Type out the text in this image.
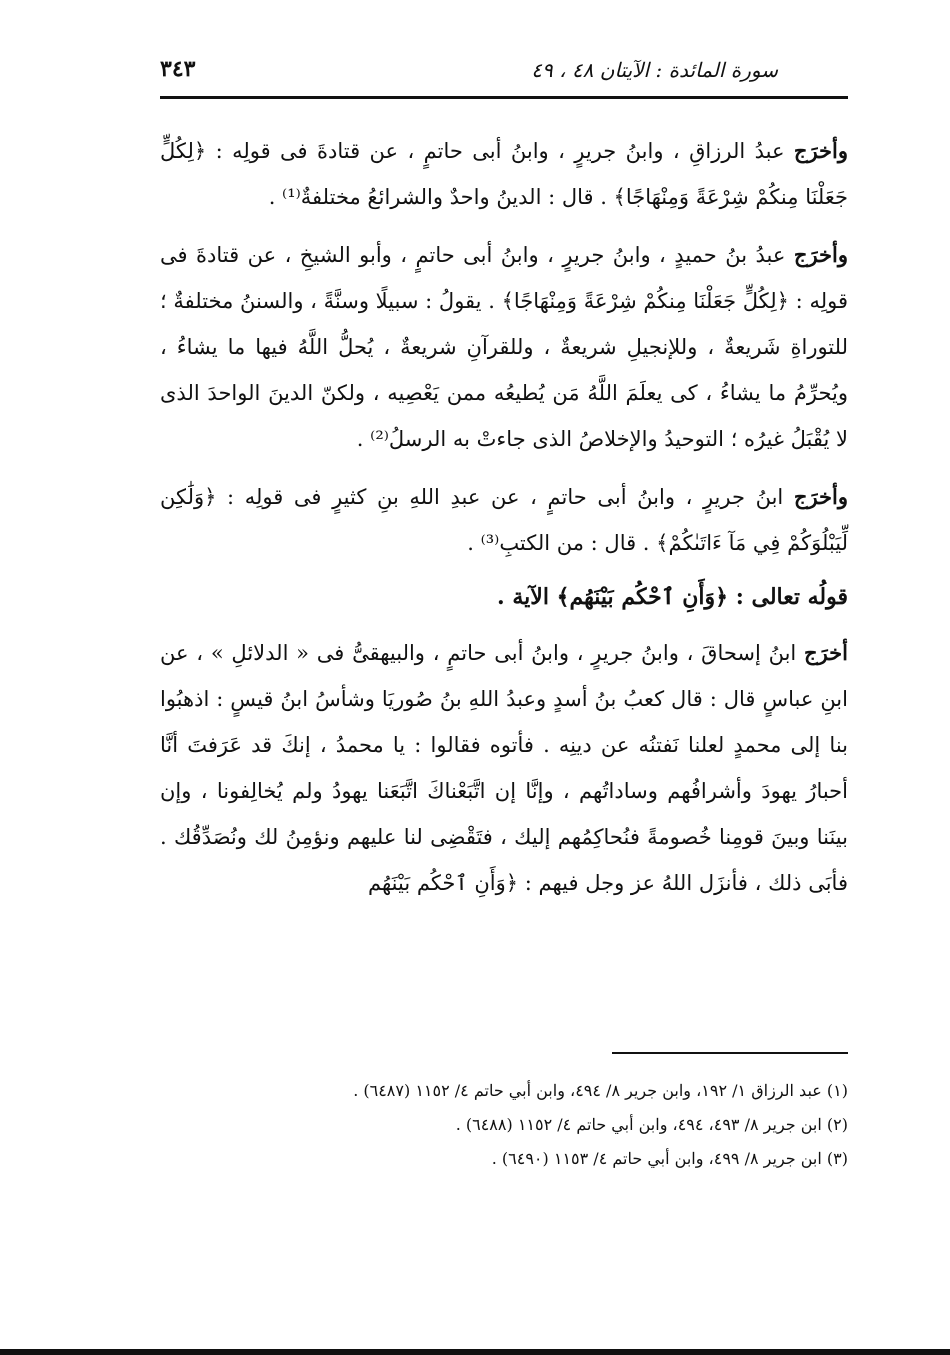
٣٤٣	سورة المائدة : الآيتان ٤٨ ، ٤٩

وأخرَج عبدُ الرزاقِ ، وابنُ جريرٍ ، وابنُ أبى حاتمٍ ، عن قتادةَ فى قولِه : ﴿لِكُلٍّ جَعَلْنَا مِنكُمْ شِرْعَةً وَمِنْهَاجًا﴾ . قال : الدينُ واحدٌ والشرائعُ مختلفةٌ⁽¹⁾ .

وأخرَج عبدُ بنُ حميدٍ ، وابنُ جريرٍ ، وابنُ أبى حاتمٍ ، وأبو الشيخِ ، عن قتادةَ فى قولِه : ﴿لِكُلٍّ جَعَلْنَا مِنكُمْ شِرْعَةً وَمِنْهَاجًا﴾ . يقولُ : سبيلًا وسنَّةً ، والسننُ مختلفةٌ ؛ للتوراةِ شَريعةٌ ، وللإنجيلِ شريعةٌ ، وللقرآنِ شريعةٌ ، يُحلُّ اللَّهُ فيها ما يشاءُ ، ويُحرِّمُ ما يشاءُ ، كى يعلَمَ اللَّهُ مَن يُطيعُه ممن يَعْصِيه ، ولكنّ الدينَ الواحدَ الذى لا يُقْبَلُ غيرُه ؛ التوحيدُ والإخلاصُ الذى جاءتْ به الرسلُ⁽²⁾ .

وأخرَج ابنُ جريرٍ ، وابنُ أبى حاتمٍ ، عن عبدِ اللهِ بنِ كثيرٍ فى قولِه : ﴿وَلَٰكِن لِّيَبْلُوَكُمْ فِي مَآ ءَاتَىٰكُمْ﴾ . قال : من الكتبِ⁽³⁾ .

قولُه تعالى : ﴿وَأَنِ ٱحْكُم بَيْنَهُم﴾ الآية .

أخرَج ابنُ إسحاقَ ، وابنُ جريرٍ ، وابنُ أبى حاتمٍ ، والبيهقىُّ فى « الدلائلِ » ، عن ابنِ عباسٍ قال : قال كعبُ بنُ أسدٍ وعبدُ اللهِ بنُ صُوريَا وشأسُ ابنُ قيسٍ : اذهبُوا بنا إلى محمدٍ لعلنا نَفتنُه عن دينِه . فأتوه فقالوا : يا محمدُ ، إنكَ قد عَرَفتَ أنَّا أحبارُ يهودَ وأشرافُهم وساداتُهم ، وإنَّا إن اتَّبَعْناكَ اتَّبَعَنا يهودُ ولم يُخالِفونا ، وإن بينَنا وبينَ قومِنا خُصومةً فنُحاكِمُهم إليك ، فتَقْضِى لنا عليهم ونؤمِنُ لك ونُصَدِّقُك . فأبَى ذلك ، فأنزَل اللهُ عز وجل فيهم : ﴿وَأَنِ ٱحْكُم بَيْنَهُم

(١) عبد الرزاق ١/ ١٩٢، وابن جرير ٨/ ٤٩٤، وابن أبي حاتم ٤/ ١١٥٢ (٦٤٨٧) .
(٢) ابن جرير ٨/ ٤٩٣، ٤٩٤، وابن أبي حاتم ٤/ ١١٥٢ (٦٤٨٨) .
(٣) ابن جرير ٨/ ٤٩٩، وابن أبي حاتم ٤/ ١١٥٣ (٦٤٩٠) .
